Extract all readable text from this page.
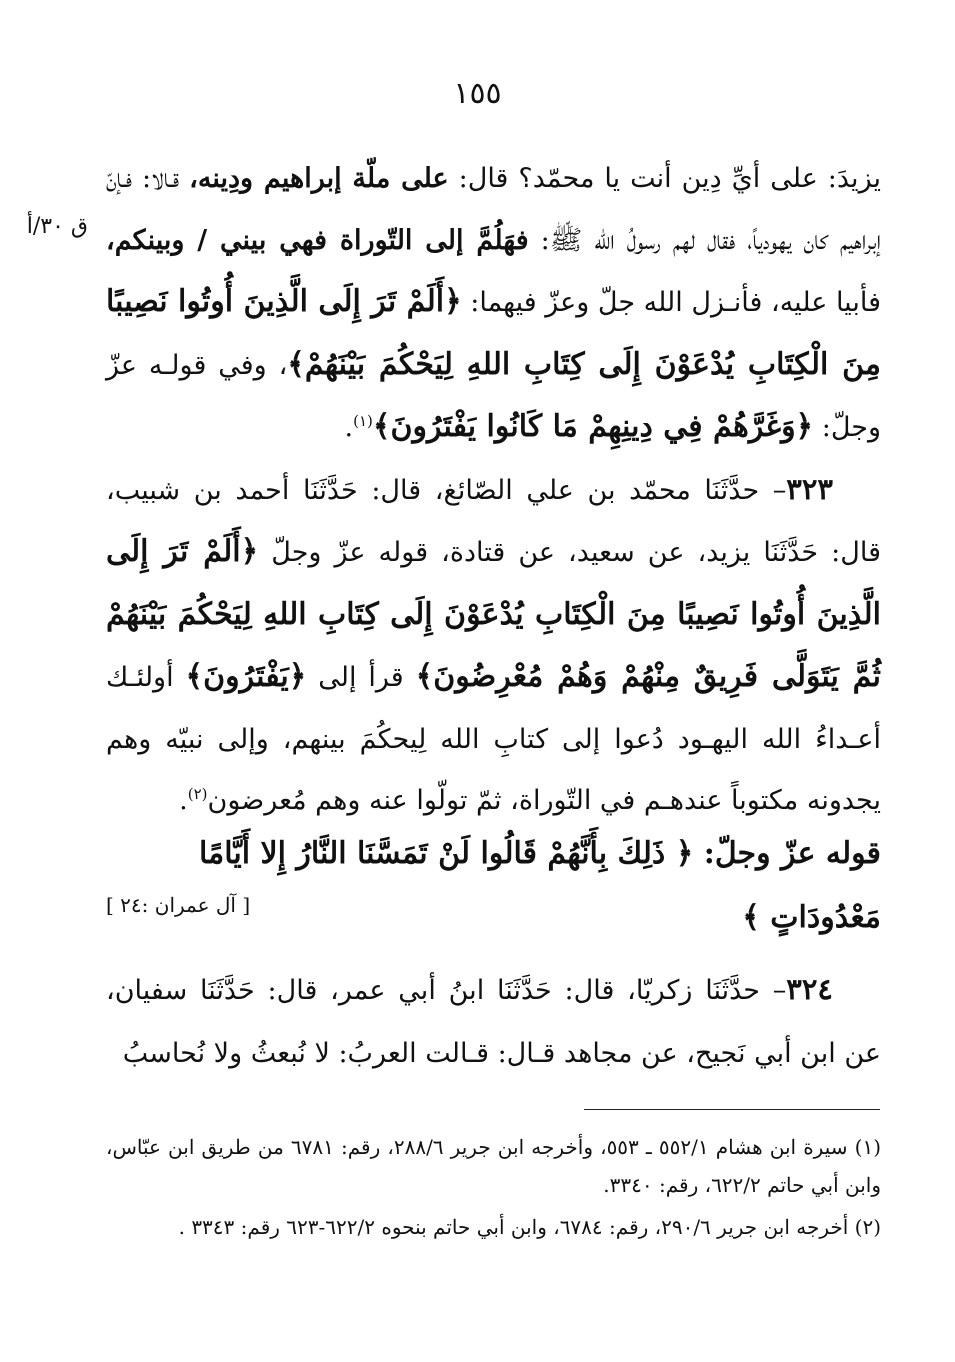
١٥٥
ق ٣٠/أ

يزيدَ: على أيِّ دِين أنت يا محمّد؟ قال: على ملّة إبراهيم ودِينه، قـالا: فـإنّ إبراهيم كان يهودياً، فقال لهم رسولُ الله ﷺ: فهَلُمَّ إلى التّوراة فهي بيني / وبينكم، فأبيا عليه، فأنـزل الله جلّ وعزّ فيهما: ﴿أَلَمْ تَرَ إِلَى الَّذِينَ أُوتُوا نَصِيبًا مِنَ الْكِتَابِ يُدْعَوْنَ إِلَى كِتَابِ اللهِ لِيَحْكُمَ بَيْنَهُمْ﴾، وفي قولـه عزّ وجلّ: ﴿وَغَرَّهُمْ فِي دِينِهِمْ مَا كَانُوا يَفْتَرُونَ﴾$^{(١)}$.

٣٢٣– حدَّثَنَا محمّد بن علي الصّائغ، قال: حَدَّثَنَا أحمد بن شبيب، قال: حَدَّثَنَا يزيد، عن سعيد، عن قتادة، قوله عزّ وجلّ ﴿أَلَمْ تَرَ إِلَى الَّذِينَ أُوتُوا نَصِيبًا مِنَ الْكِتَابِ يُدْعَوْنَ إِلَى كِتَابِ اللهِ لِيَحْكُمَ بَيْنَهُمْ ثُمَّ يَتَوَلَّى فَرِيقٌ مِنْهُمْ وَهُمْ مُعْرِضُونَ﴾ قرأ إلى ﴿يَفْتَرُونَ﴾ أولئـك أعـداءُ الله اليهـود دُعوا إلى كتابِ الله لِيحكُمَ بينهم، وإلى نبيّه وهم يجدونه مكتوباً عندهـم في التّوراة، ثمّ تولّوا عنه وهم مُعرضون$^{(٢)}$.

قوله عزّ وجلّ: ﴿ ذَلِكَ بِأَنَّهُمْ قَالُوا لَنْ تَمَسَّنَا النَّارُ إِلا أَيَّامًا
مَعْدُودَاتٍ ﴾
[ آل عمران :٢٤ ]

٣٢٤– حدَّثَنَا زكريّا، قال: حَدَّثَنَا ابنُ أبي عمر، قال: حَدَّثَنَا سفيان، عن ابن أبي نَجيح، عن مجاهد قـال: قـالت العربُ: لا نُبعثُ ولا نُحاسبُ

(١) سيرة ابن هشام ٥٥٢/١ ـ ٥٥٣، وأخرجه ابن جرير ٢٨٨/٦، رقم: ٦٧٨١ من طريق ابن عبّاس، وابن أبي حاتم ٦٢٢/٢، رقم: ٣٣٤٠.

(٢) أخرجه ابن جرير ٢٩٠/٦، رقم: ٦٧٨٤، وابن أبي حاتم بنحوه ٦٢٢/٢-٦٢٣ رقم: ٣٣٤٣ .
